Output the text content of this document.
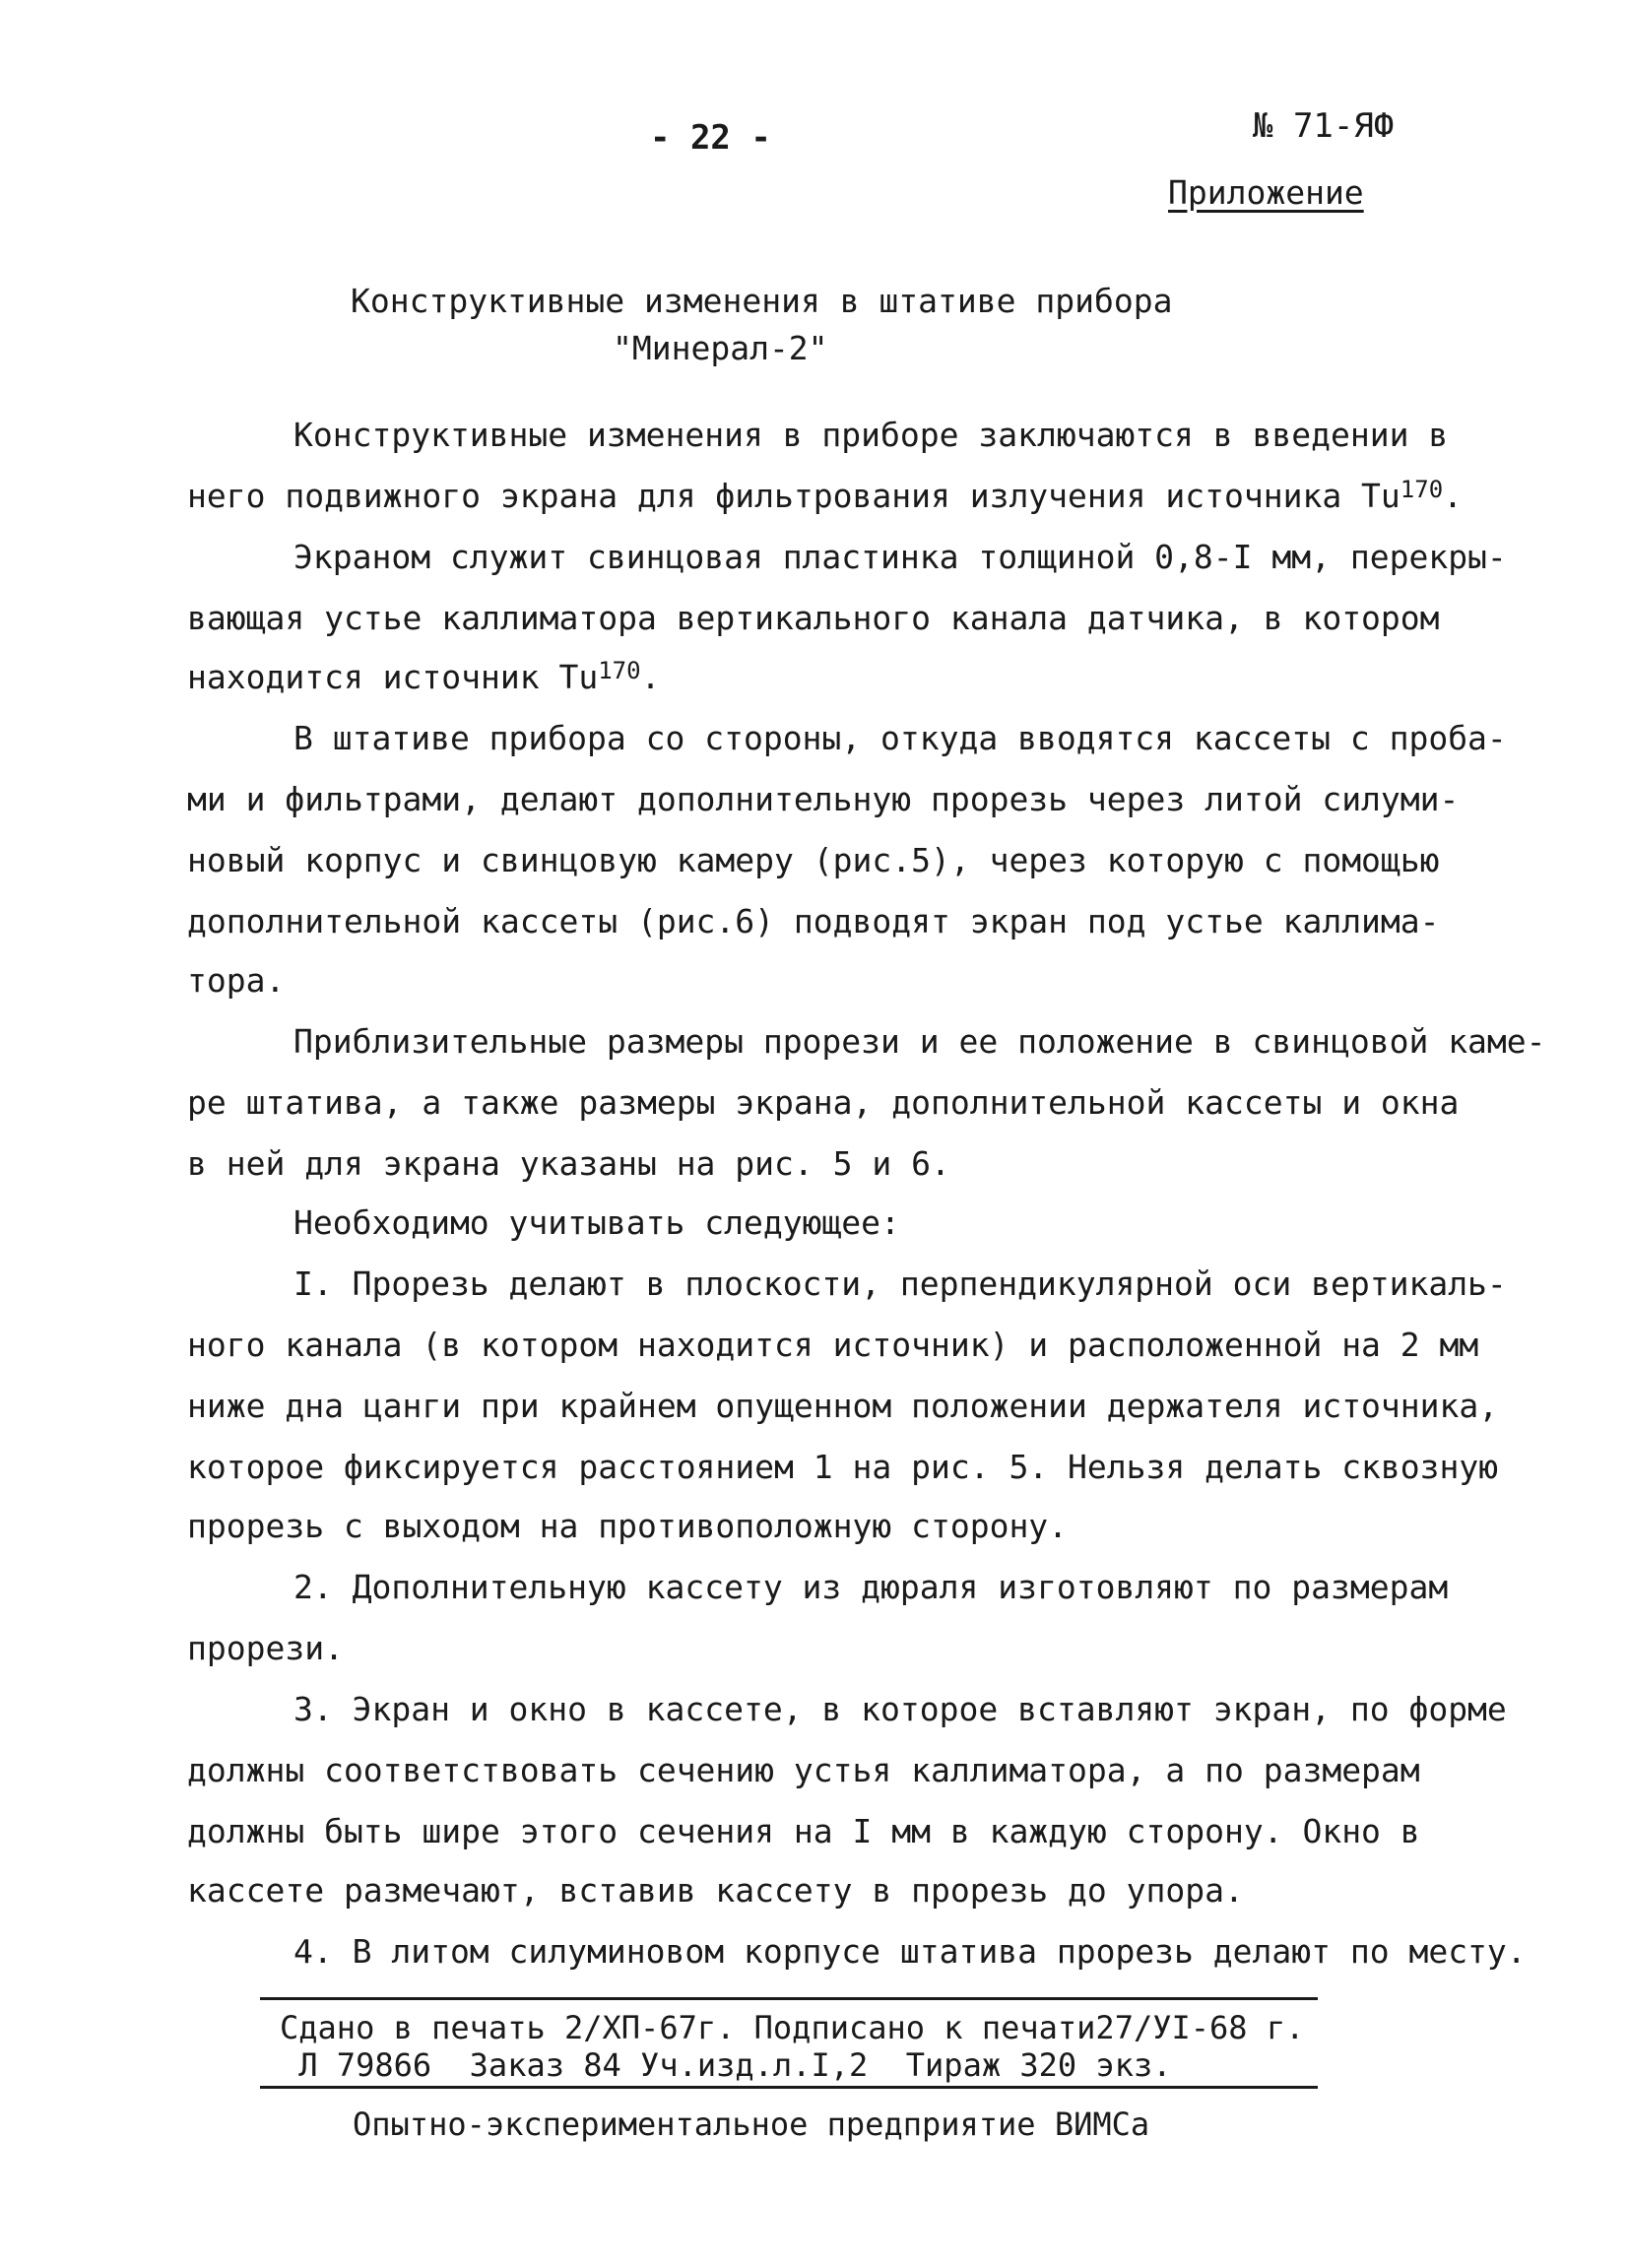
- 22 -	№ 71-ЯФ
Приложение
Конструктивные изменения в штативе прибора
"Минерал-2"
Конструктивные изменения в приборе заключаются в введении в
него подвижного экрана для фильтрования излучения источника Tu$^{170}$.
Экраном служит свинцовая пластинка толщиной 0,8-I мм, перекры-
вающая устье каллиматора вертикального канала датчика, в котором
находится источник Tu$^{170}$.
В штативе прибора со стороны, откуда вводятся кассеты с проба-
ми и фильтрами, делают дополнительную прорезь через литой силуми-
новый корпус и свинцовую камеру (рис.5), через которую с помощью
дополнительной кассеты (рис.6) подводят экран под устье каллима-
тора.
Приблизительные размеры прорези и ее положение в свинцовой каме-
ре штатива, а также размеры экрана, дополнительной кассеты и окна
в ней для экрана указаны на рис. 5 и 6.
Необходимо учитывать следующее:
I. Прорезь делают в плоскости, перпендикулярной оси вертикаль-
ного канала (в котором находится источник) и расположенной на 2 мм
ниже дна цанги при крайнем опущенном положении держателя источника,
которое фиксируется расстоянием 1 на рис. 5. Нельзя делать сквозную
прорезь с выходом на противоположную сторону.
2. Дополнительную кассету из дюраля изготовляют по размерам
прорези.
3. Экран и окно в кассете, в которое вставляют экран, по форме
должны соответствовать сечению устья каллиматора, а по размерам
должны быть шире этого сечения на I мм в каждую сторону. Окно в
кассете размечают, вставив кассету в прорезь до упора.
4. В литом силуминовом корпусе штатива прорезь делают по месту.
Сдано в печать 2/ХП-67г. Подписано к печати27/УI-68 г.
Л 79866  Заказ 84 Уч.изд.л.I,2  Тираж 320 экз.
Опытно-экспериментальное предприятие ВИМСа
